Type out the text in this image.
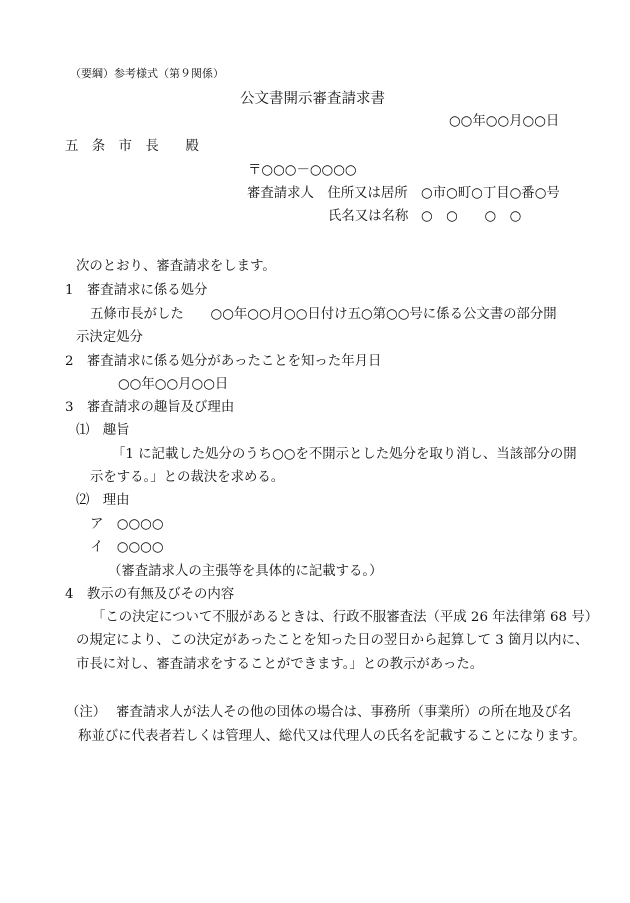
（要綱）参考様式（第９関係）
公文書開示審査請求書
○○年○○月○○日
五　条　市　長　　殿
〒○○○－○○○○
審査請求人　住所又は居所 ○市○町○丁目○番○号
氏名又は名称 ○　○　　○　○
次のとおり、審査請求をします。
1　審査請求に係る処分
五條市長がした　　○○年○○月○○日付け五○第○○号に係る公文書の部分開
示決定処分
2　審査請求に係る処分があったことを知った年月日
○○年○○月○○日
3　審査請求の趣旨及び理由
⑴　趣旨
「1 に記載した処分のうち○○を不開示とした処分を取り消し、当該部分の開
示をする。」との裁決を求める。
⑵　理由
ア　○○○○
イ　○○○○
（審査請求人の主張等を具体的に記載する。）
4　教示の有無及びその内容
「この決定について不服があるときは、行政不服審査法（平成 26 年法律第 68 号）
の規定により、この決定があったことを知った日の翌日から起算して 3 箇月以内に、
市長に対し、審査請求をすることができます。」との教示があった。
（注） 審査請求人が法人その他の団体の場合は、事務所（事業所）の所在地及び名
称並びに代表者若しくは管理人、総代又は代理人の氏名を記載することになります。
